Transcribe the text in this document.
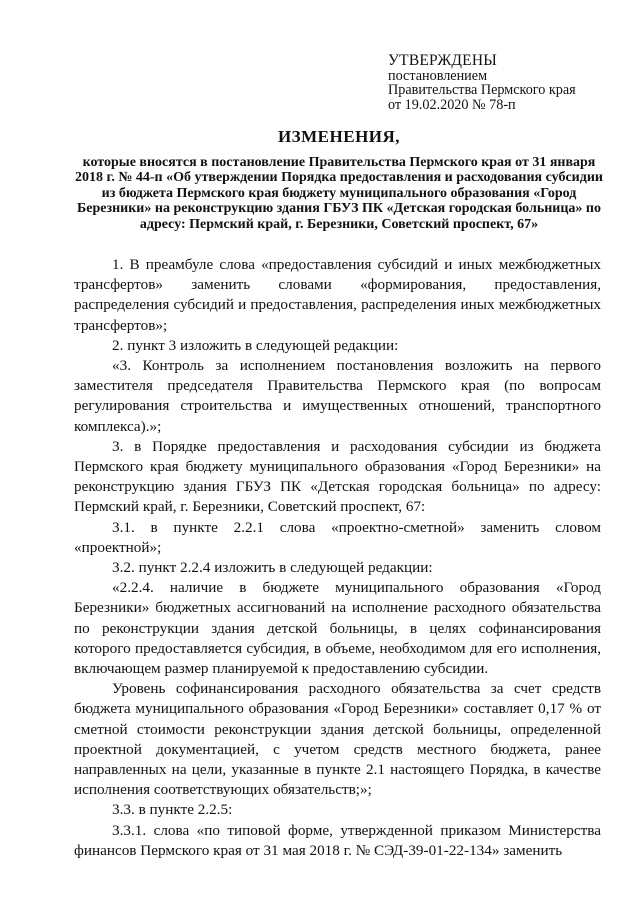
УТВЕРЖДЕНЫ
постановлением
Правительства Пермского края
от 19.02.2020 № 78-п
ИЗМЕНЕНИЯ,
которые вносятся в постановление Правительства Пермского края от 31 января 2018 г. № 44-п «Об утверждении Порядка предоставления и расходования субсидии из бюджета Пермского края бюджету муниципального образования «Город Березники» на реконструкцию здания ГБУЗ ПК «Детская городская больница» по адресу: Пермский край, г. Березники, Советский проспект, 67»

1. В преамбуле слова «предоставления субсидий и иных межбюджетных трансфертов» заменить словами «формирования, предоставления, распределения субсидий и предоставления, распределения иных межбюджетных трансфертов»;

2. пункт 3 изложить в следующей редакции:

«3. Контроль за исполнением постановления возложить на первого заместителя председателя Правительства Пермского края (по вопросам регулирования строительства и имущественных отношений, транспортного комплекса).»;

3. в Порядке предоставления и расходования субсидии из бюджета Пермского края бюджету муниципального образования «Город Березники» на реконструкцию здания ГБУЗ ПК «Детская городская больница» по адресу: Пермский край, г. Березники, Советский проспект, 67:

3.1. в пункте 2.2.1 слова «проектно-сметной» заменить словом «проектной»;

3.2. пункт 2.2.4 изложить в следующей редакции:

«2.2.4. наличие в бюджете муниципального образования «Город Березники» бюджетных ассигнований на исполнение расходного обязательства по реконструкции здания детской больницы, в целях софинансирования которого предоставляется субсидия, в объеме, необходимом для его исполнения, включающем размер планируемой к предоставлению субсидии.

Уровень софинансирования расходного обязательства за счет средств бюджета муниципального образования «Город Березники» составляет 0,17 % от сметной стоимости реконструкции здания детской больницы, определенной проектной документацией, с учетом средств местного бюджета, ранее направленных на цели, указанные в пункте 2.1 настоящего Порядка, в качестве исполнения соответствующих обязательств;»;

3.3. в пункте 2.2.5:

3.3.1. слова «по типовой форме, утвержденной приказом Министерства финансов Пермского края от 31 мая 2018 г. № СЭД-39-01-22-134» заменить
